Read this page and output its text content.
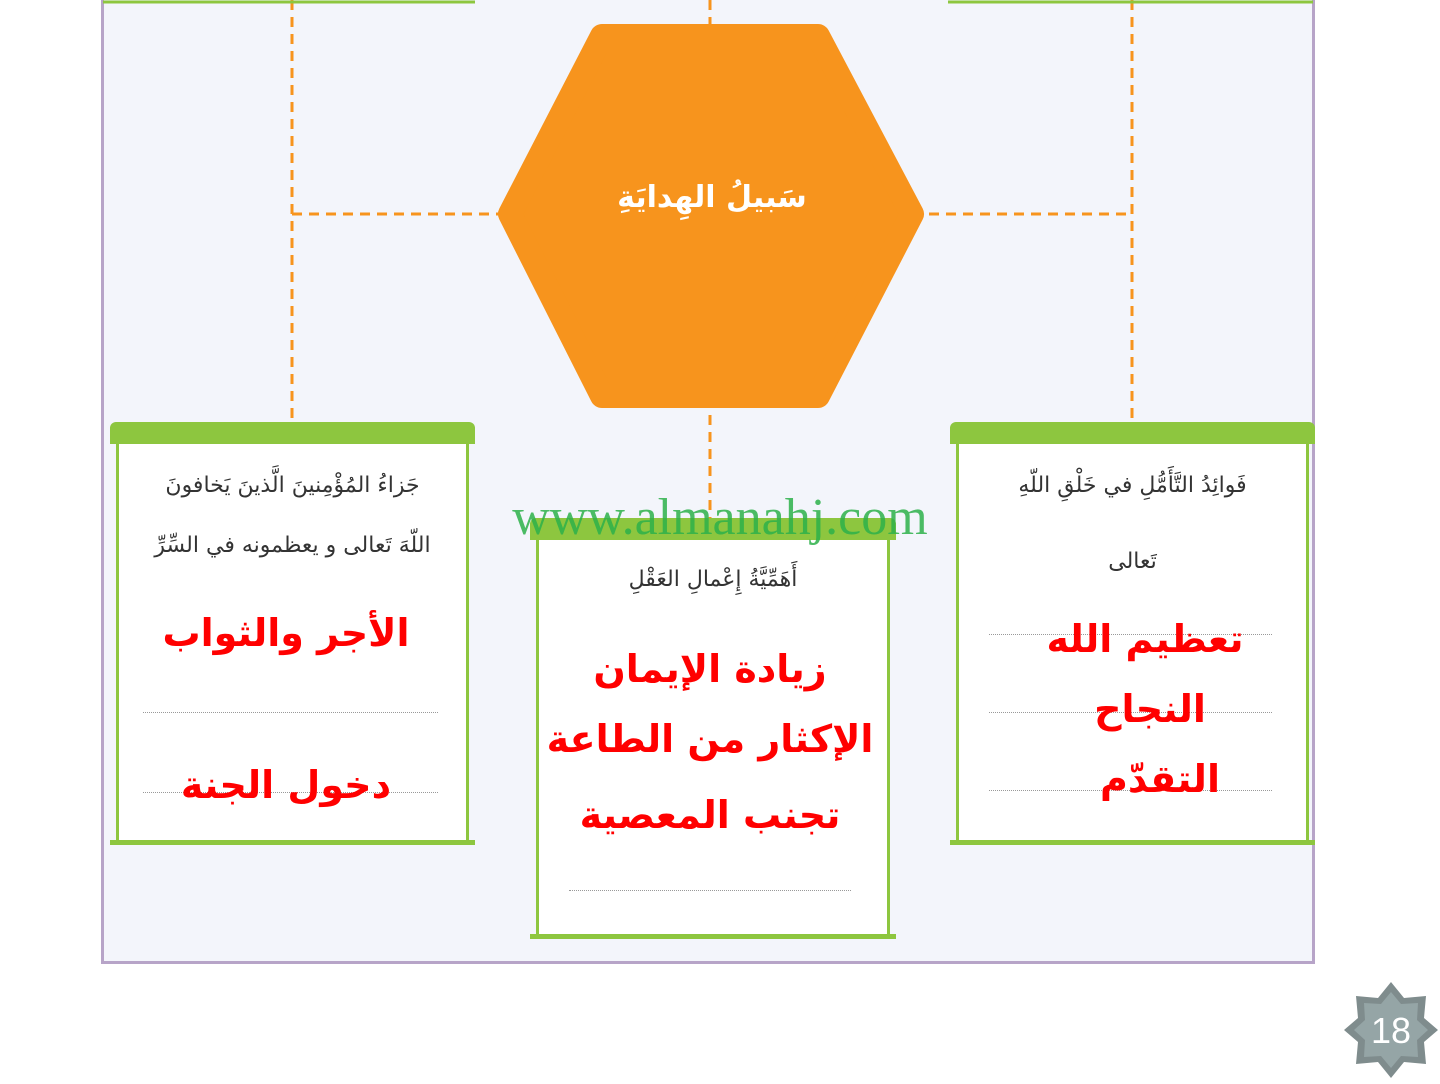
سَبيلُ الهِدايَةِ
جَزاءُ المُؤْمِنينَ الَّذينَ يَخافونَ
اللّهَ تَعالى و يعظمونه في السِّرِّ
فَوائِدُ التَّأَمُّلِ في خَلْقِ اللّهِ
تَعالى
أَهَمِّيَّةُ إِعْمالِ العَقْلِ
www.almanahj.com
الأجر والثواب
دخول الجنة
زيادة الإيمان
الإكثار من الطاعة
تجنب المعصية
تعظيم الله
النجاح
التقدّم
18
